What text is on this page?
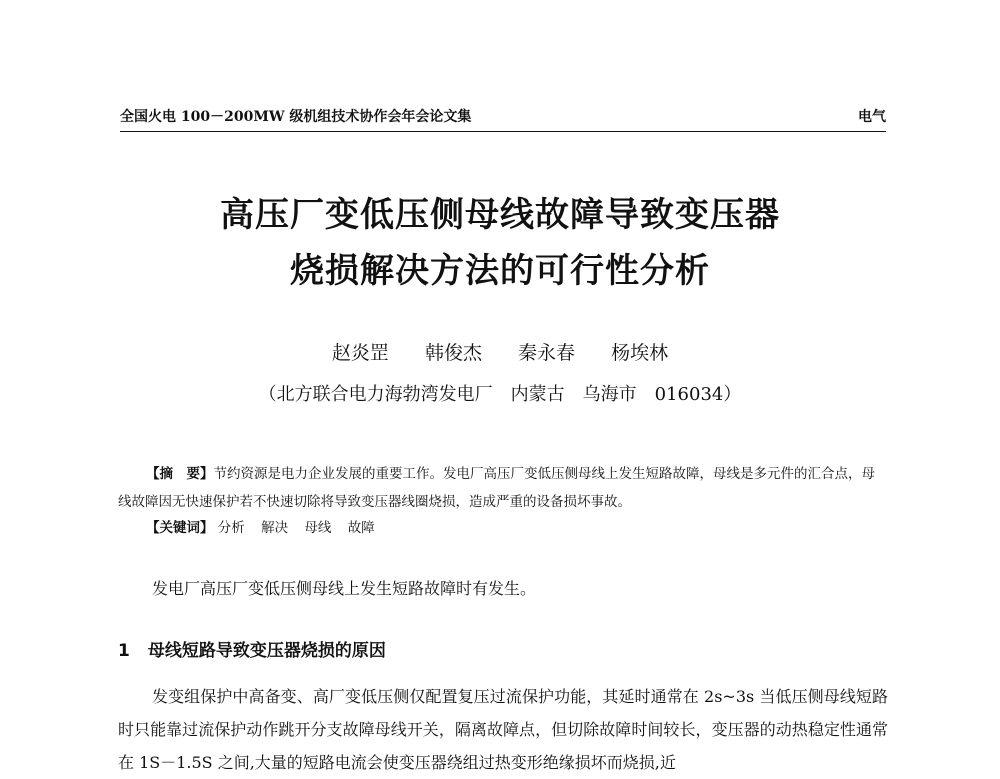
全国火电 100－200MW 级机组技术协作会年会论文集	电气
高压厂变低压侧母线故障导致变压器
烧损解决方法的可行性分析
赵炎罡 韩俊杰 秦永春 杨埃林
（北方联合电力海勃湾发电厂　内蒙古　乌海市　016034）
【摘　要】节约资源是电力企业发展的重要工作。发电厂高压厂变低压侧母线上发生短路故障，母线是多元件的汇合点，母线故障因无快速保护若不快速切除将导致变压器线圈烧损，造成严重的设备损坏事故。
【关键词】 分析 解决 母线 故障
发电厂高压厂变低压侧母线上发生短路故障时有发生。
1 母线短路导致变压器烧损的原因
发变组保护中高备变、高厂变低压侧仅配置复压过流保护功能，其延时通常在 2s~3s 当低压侧母线短路时只能靠过流保护动作跳开分支故障母线开关，隔离故障点，但切除故障时间较长，变压器的动热稳定性通常在 1S－1.5S 之间,大量的短路电流会使变压器绕组过热变形绝缘损坏而烧损,近
